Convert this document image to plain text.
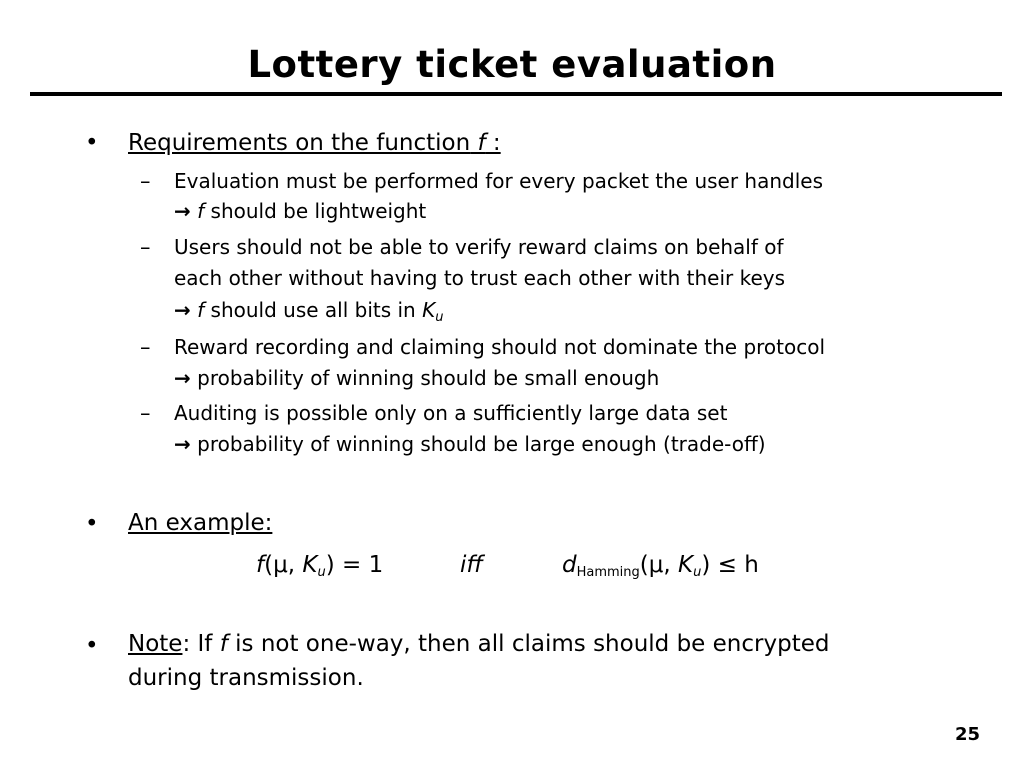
Lottery ticket evaluation
• Requirements on the function f :
– Evaluation must be performed for every packet the user handles
→ f should be lightweight
– Users should not be able to verify reward claims on behalf of
each other without having to trust each other with their keys
→ f should use all bits in $K_u$
– Reward recording and claiming should not dominate the protocol
→ probability of winning should be small enough
– Auditing is possible only on a sufficiently large data set
→ probability of winning should be large enough (trade-off)
• An example:
f(μ, $K_u) = 1$	iff	$d_{Hamming}(\mu$, $K_u) \le h$
• Note: If f is not one-way, then all claims should be encrypted
during transmission.
25
